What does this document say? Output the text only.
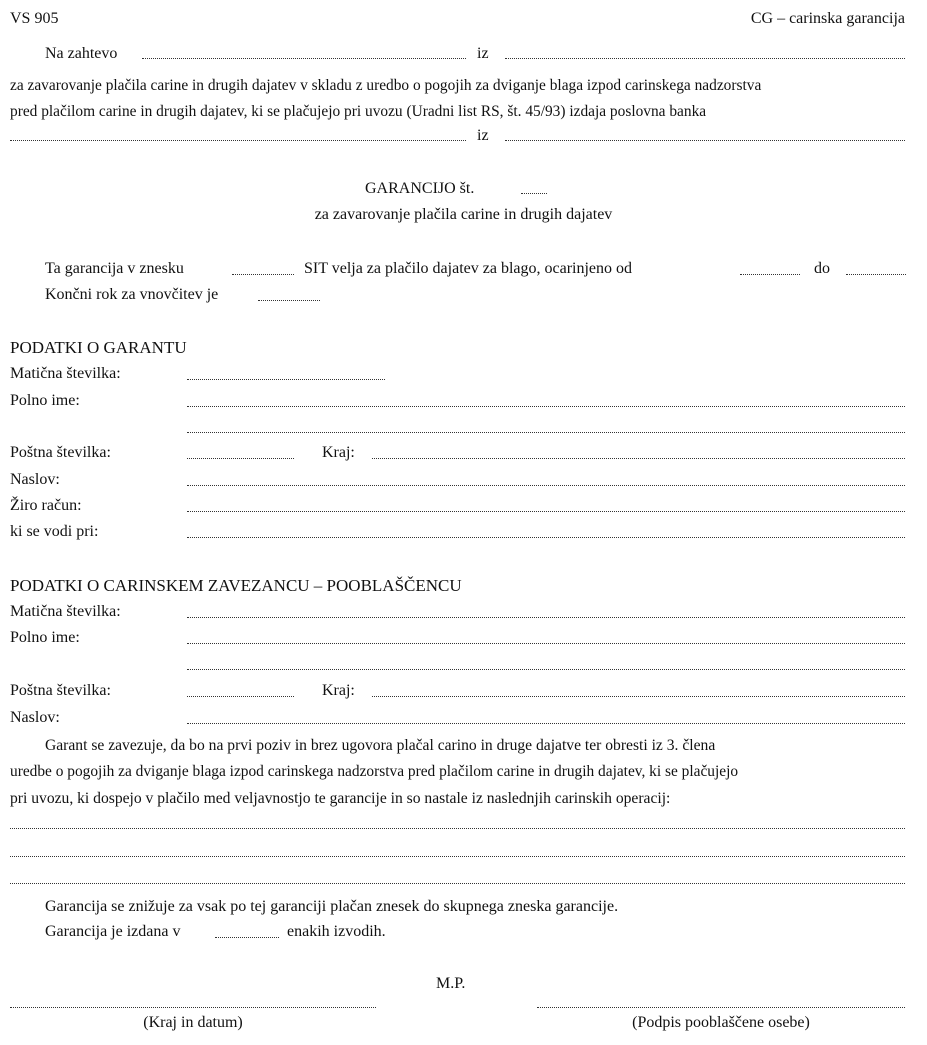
VS 905	CG – carinska garancija
Na zahtevo	iz
za zavarovanje plačila carine in drugih dajatev v skladu z uredbo o pogojih za dviganje blaga izpod carinskega nadzorstva
pred plačilom carine in drugih dajatev, ki se plačujejo pri uvozu (Uradni list RS, št. 45/93) izdaja poslovna banka
iz
GARANCIJO št.
za zavarovanje plačila carine in drugih dajatev
Ta garancija v znesku	SIT velja za plačilo dajatev za blago, ocarinjeno od	do
Končni rok za vnovčitev je
PODATKI O GARANTU
Matična številka:
Polno ime:
Poštna številka:	Kraj:
Naslov:
Žiro račun:
ki se vodi pri:
PODATKI O CARINSKEM ZAVEZANCU – POOBLAŠČENCU
Matična številka:
Polno ime:
Poštna številka:	Kraj:
Naslov:
Garant se zavezuje, da bo na prvi poziv in brez ugovora plačal carino in druge dajatve ter obresti iz 3. člena
uredbe o pogojih za dviganje blaga izpod carinskega nadzorstva pred plačilom carine in drugih dajatev, ki se plačujejo
pri uvozu, ki dospejo v plačilo med veljavnostjo te garancije in so nastale iz naslednjih carinskih operacij:
Garancija se znižuje za vsak po tej garanciji plačan znesek do skupnega zneska garancije.
Garancija je izdana v	enakih izvodih.
M.P.
(Kraj in datum)	(Podpis pooblaščene osebe)
